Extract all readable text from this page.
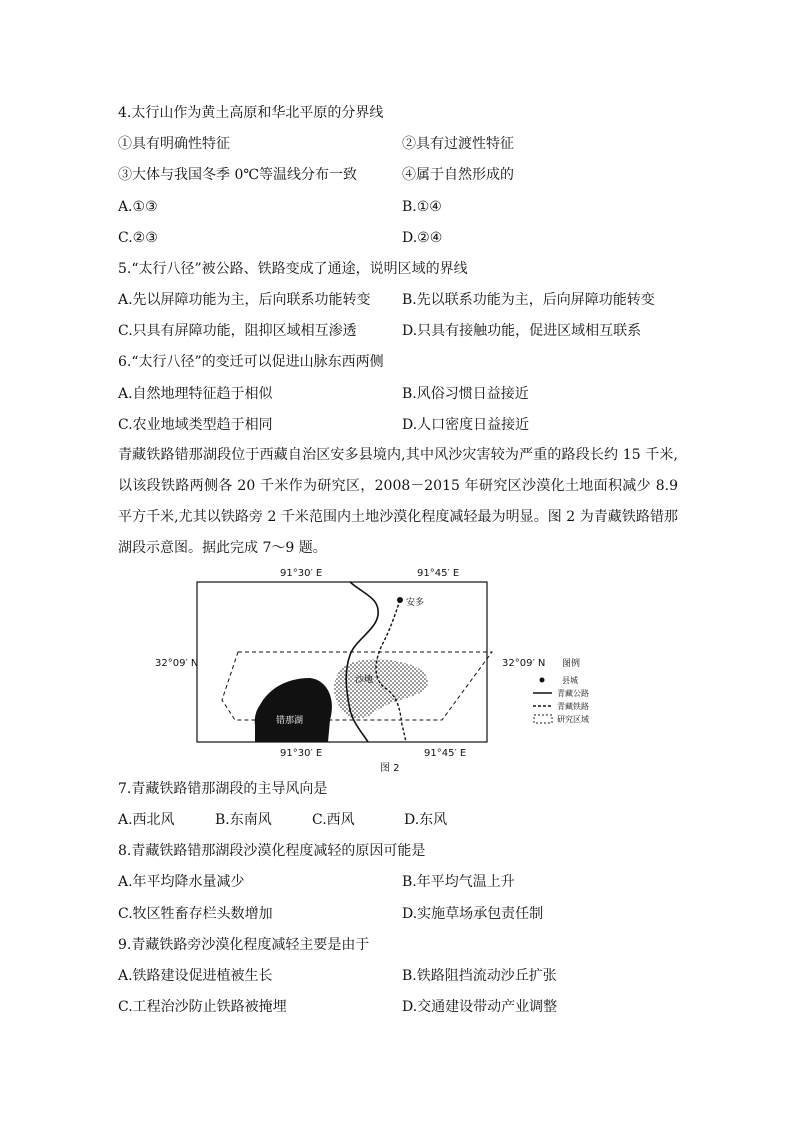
4.太行山作为黄土高原和华北平原的分界线
①具有明确性特征	②具有过渡性特征
③大体与我国冬季 0℃等温线分布一致	④属于自然形成的
A.①③	B.①④
C.②③	D.②④
5.“太行八径”被公路、铁路变成了通途，说明区域的界线
A.先以屏障功能为主，后向联系功能转变 B.先以联系功能为主，后向屏障功能转变
C.只具有屏障功能，阻抑区域相互渗透	D.只具有接触功能，促进区域相互联系
6.“太行八径”的变迁可以促进山脉东西两侧
A.自然地理特征趋于相似	B.风俗习惯日益接近
C.农业地域类型趋于相同	D.人口密度日益接近
青藏铁路错那湖段位于西藏自治区安多县境内,其中风沙灾害较为严重的路段长约 15 千米,以该段铁路两侧各 20 千米作为研究区，2008－2015 年研究区沙漠化土地面积减少 8.9 平方千米,尤其以铁路旁 2 千米范围内土地沙漠化程度减轻最为明显。图 2 为青藏铁路错那湖段示意图。据此完成 7～9 题。
91°30′ E	91°45′ E
32°09′ N	32°09′ N
错那湖
沙地
安多
91°30′ E	91°45′ E
图 2
图例
县城
青藏公路
青藏铁路
研究区域
7.青藏铁路错那湖段的主导风向是
A.西北风	B.东南风	C.西风	D.东风
8.青藏铁路错那湖段沙漠化程度减轻的原因可能是
A.年平均降水量减少	B.年平均气温上升
C.牧区牲畜存栏头数增加	D.实施草场承包责任制
9.青藏铁路旁沙漠化程度减轻主要是由于
A.铁路建设促进植被生长	B.铁路阻挡流动沙丘扩张
C.工程治沙防止铁路被掩埋	D.交通建设带动产业调整
